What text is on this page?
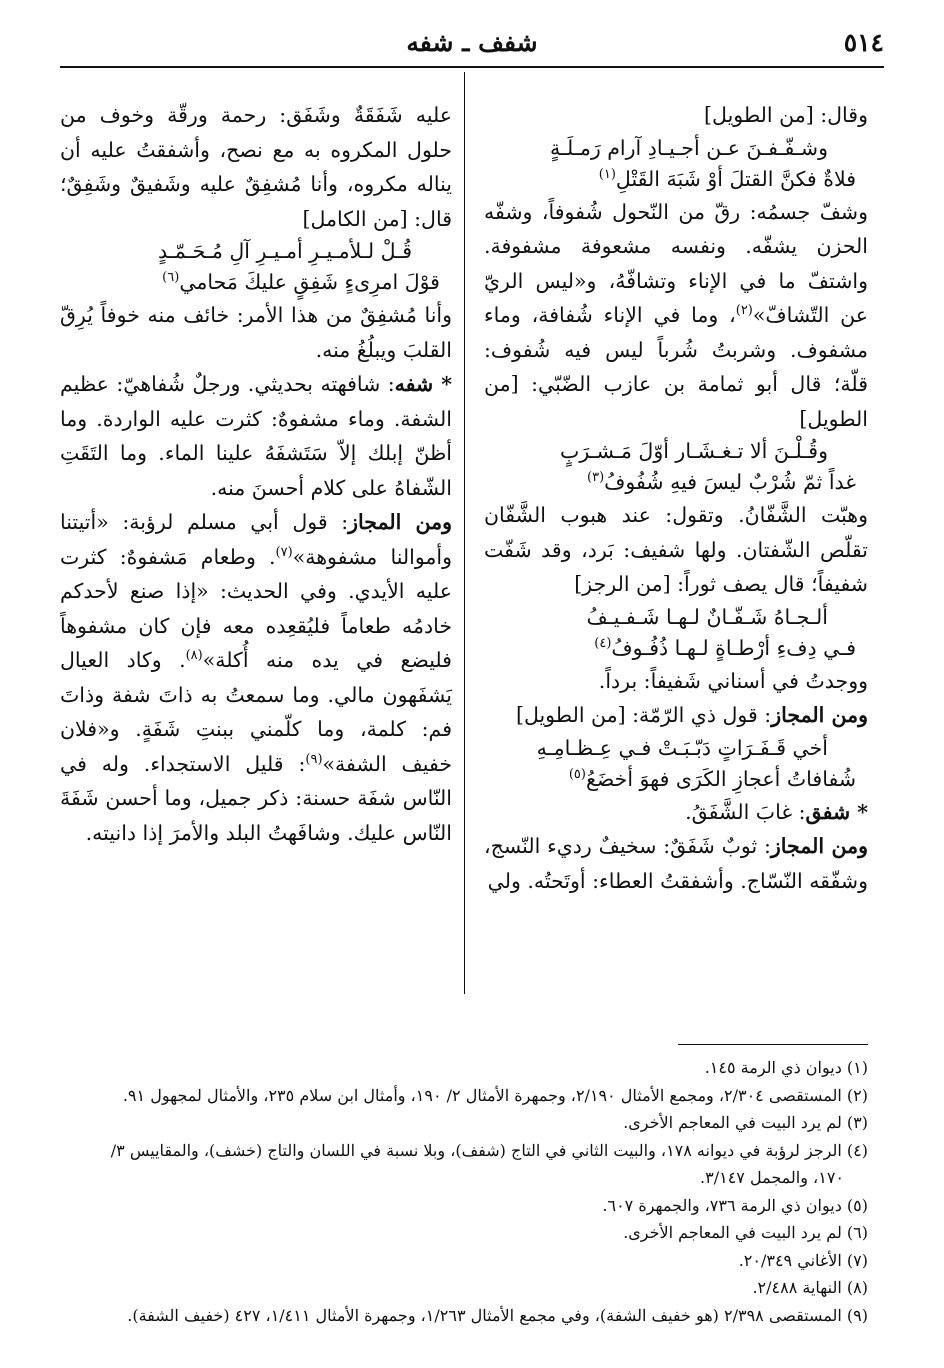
٥١٤
شفف ـ شفه

وقال: [من الطويل]

وشـفّـفـنَ عـن أجـيـادِ آرام رَمـلَـةٍ

فلاةٌ فكنَّ القتلَ أوْ شَبَهَ القَتْلِ$^{(١)}$

وشفّ جسمُه: رقّ من النّحول شُفوفاً، وشفّه الحزن يشفّه. ونفسه مشعوفة مشفوفة. واشتفّ ما في الإناء وتشافّهُ، و«ليس الريّ عن التّشافّ»$^{(٢)}$، وما في الإناء شُفافة، وماء مشفوف. وشربتُ شُرباً ليس فيه شُفوف: قلّة؛ قال أبو ثمامة بن عازب الضّبّي: [من الطويل]

وقُـلْـنَ ألا تـغـشَـار أوّلَ مَـشـرَبٍ

غداً ثمّ شُرْبٌ ليسَ فيهِ شُفُوفُ$^{(٣)}$

وهبّت الشَّفّانُ. وتقول: عند هبوب الشَّفّان تقلّص الشّفتان. ولها شفيف: بَرد، وقد شَفّت شفيفاً؛ قال يصف ثوراً: [من الرجز]

ألـجـاهُ شَـفّـانٌ لـهـا شَـفـيـفُ

فـي دِفءِ أرْطـاةٍ لـهـا ذُفُـوفُ$^{(٤)}$

ووجدتُ في أسناني شَفيفاً: برداً.

ومن المجاز: قول ذي الرّمّة: [من الطويل]

أخي قَـفَـرَاتٍ دَبّـبَـتْ فـي عِـظـامِـهِ

شُفافاتُ أعجازِ الكَرَى فهوَ أخضَعُ$^{(٥)}$

* شفق: غابَ الشَّفَقُ.

ومن المجاز: ثوبٌ شَفَقٌ: سخيفٌ رديء النّسج، وشفّقه النّسّاج. وأشفقتُ العطاء: أوتَحتُه. ولي

عليه شَفَقَةٌ وشَفَق: رحمة ورقّة وخوف من حلول المكروه به مع نصح، وأشفقتُ عليه أن يناله مكروه، وأنا مُشفِقٌ عليه وشَفيقٌ وشَفِقٌ؛ قال: [من الكامل]

قُـلْ لـلأمـيـرِ أمـيـرِ آلِ مُـحَـمّـدٍ

قوْلَ امرِىءٍ شَفِقٍ عليكَ مَحامي$^{(٦)}$

وأنا مُشفِقٌ من هذا الأمر: خائف منه خوفاً يُرِقّ القلبَ ويبلُغُ منه.

* شفه: شافهته بحديثي. ورجلٌ شُفاهيّ: عظيم الشفة. وماء مشفوهٌ: كثرت عليه الواردة. وما أظنّ إبلك إلاّ سَتَشفَهُ علينا الماء. وما التَقَتِ الشّفاهُ على كلام أحسنَ منه.

ومن المجاز: قول أبي مسلم لرؤبة: «أتيتنا وأموالنا مشفوهة»$^{(٧)}$. وطعام مَشفوهٌ: كثرت عليه الأيدي. وفي الحديث: «إذا صنع لأحدكم خادمُه طعاماً فليُقعِده معه فإن كان مشفوهاً فليضع في يده منه أُكلة»$^{(٨)}$. وكاد العيال يَشفَهون مالي. وما سمعتُ به ذاتَ شفة وذاتَ فم: كلمة، وما كلّمني ببنتِ شَفَةٍ. و«فلان خفيف الشفة»$^{(٩)}$: قليل الاستجداء. وله في النّاس شفَة حسنة: ذكر جميل، وما أحسن شَفَةَ النّاس عليك. وشافَهتُ البلد والأمرَ إذا دانيته.

(١) ديوان ذي الرمة ١٤٥.

(٢) المستقصى ٢/٣٠٤، ومجمع الأمثال ٢/١٩٠، وجمهرة الأمثال ٢/ ١٩٠، وأمثال ابن سلام ٢٣٥، والأمثال لمجهول ٩١.

(٣) لم يرد البيت في المعاجم الأخرى.

(٤) الرجز لرؤبة في ديوانه ١٧٨، والبيت الثاني في التاج (شفف)، وبلا نسبة في اللسان والتاج (خشف)، والمقاييس ٣/

١٧٠، والمجمل ٣/١٤٧.

(٥) ديوان ذي الرمة ٧٣٦، والجمهرة ٦٠٧.

(٦) لم يرد البيت في المعاجم الأخرى.

(٧) الأغاني ٢٠/٣٤٩.

(٨) النهاية ٢/٤٨٨.

(٩) المستقصى ٢/٣٩٨ (هو خفيف الشفة)، وفي مجمع الأمثال ١/٢٦٣، وجمهرة الأمثال ١/٤١١، ٤٢٧ (خفيف الشفة).
